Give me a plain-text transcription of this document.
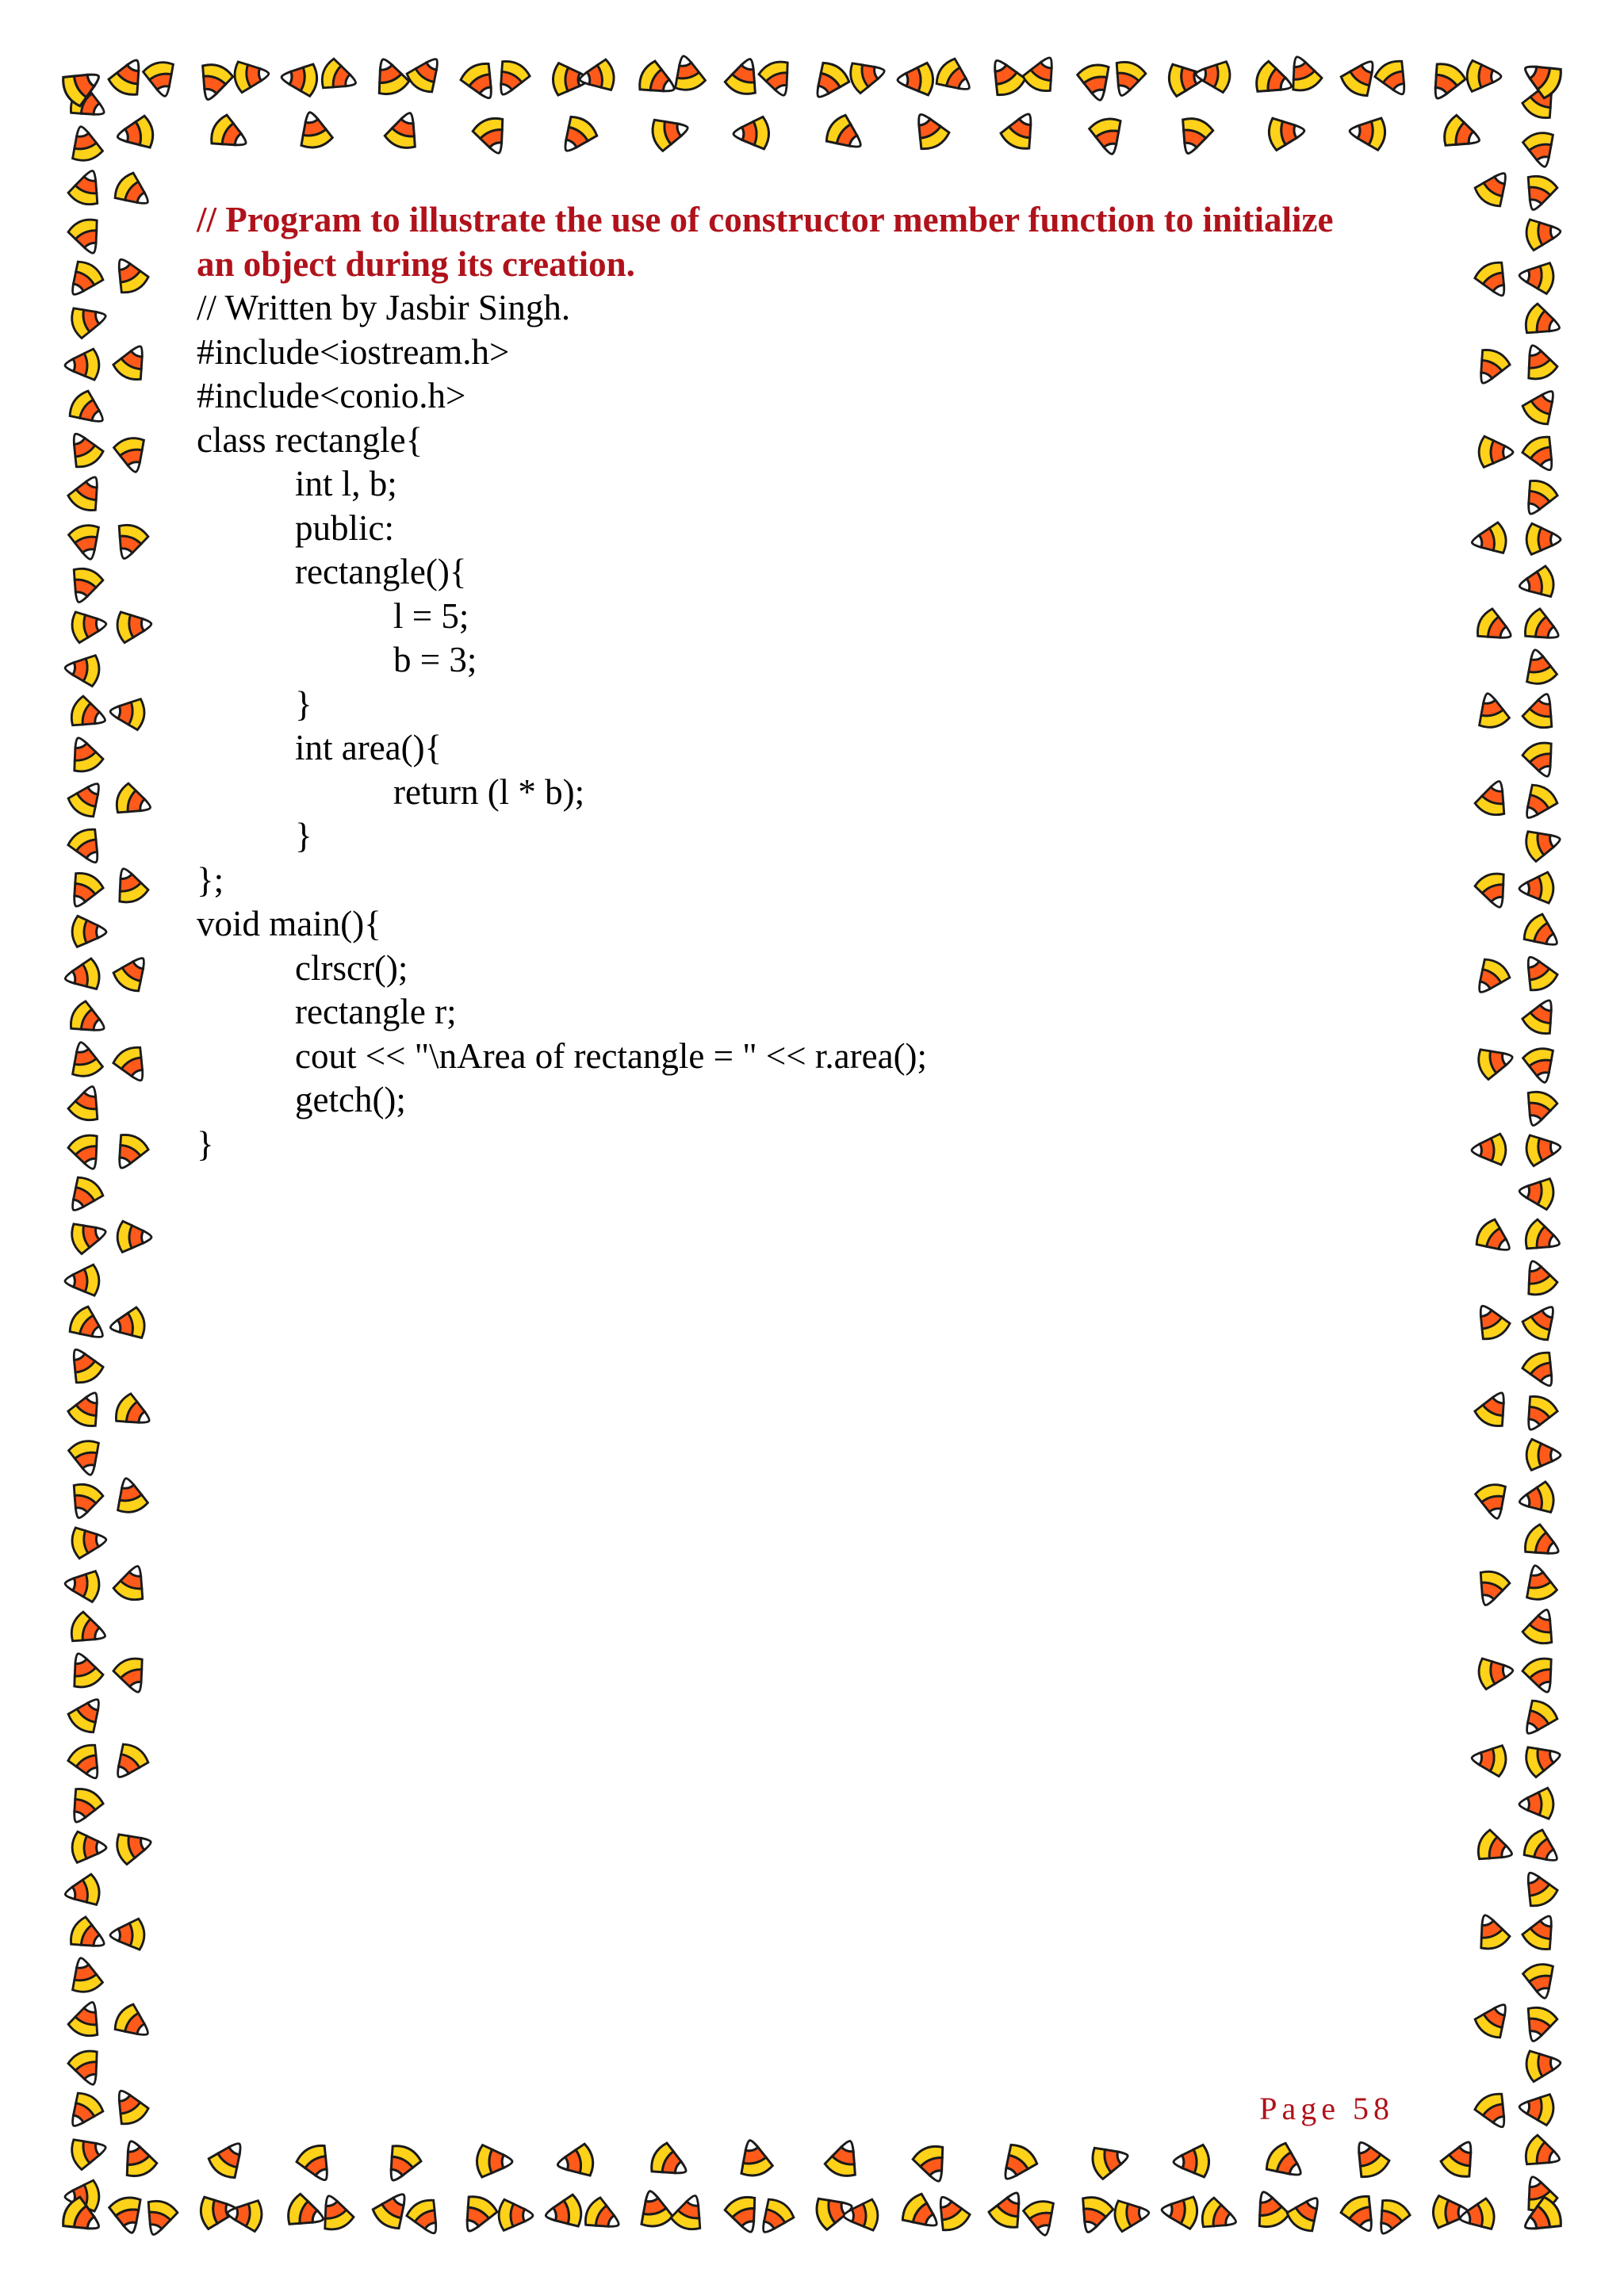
// Program to illustrate the use of constructor member function to initialize
an object during its creation.
// Written by Jasbir Singh.
#include<iostream.h>
#include<conio.h>
class rectangle{
int l, b;
public:
rectangle(){
l = 5;
b = 3;
}
int area(){
return (l * b);
}
};
void main(){
clrscr();
rectangle r;
cout << "\nArea of rectangle = " << r.area();
getch();
}
Page 58
